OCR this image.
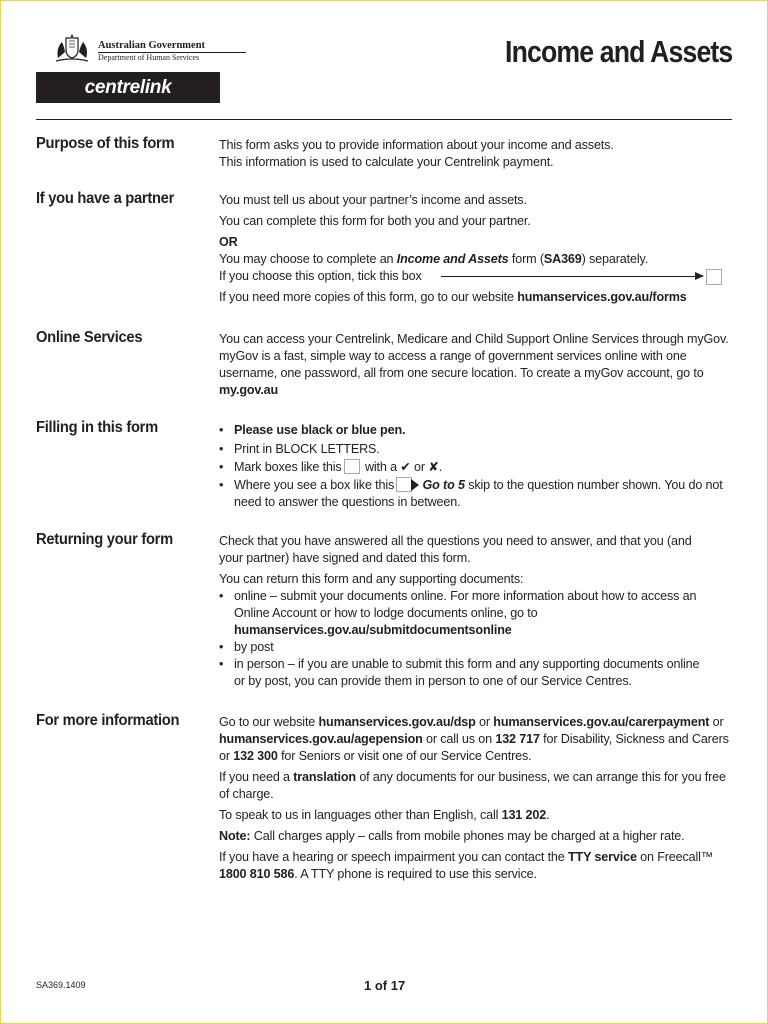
Australian Government
Department of Human Services
centrelink
Income and Assets
Purpose of this form	This form asks you to provide information about your income and assets.
This information is used to calculate your Centrelink payment.
If you have a partner	You must tell us about your partner’s income and assets.

You can complete this form for both you and your partner.

OR
You may choose to complete an Income and Assets form (SA369) separately.
If you choose this option, tick this box

If you need more copies of this form, go to our website humanservices.gov.au/forms

Online Services	You can access your Centrelink, Medicare and Child Support Online Services through myGov. myGov is a fast, simple way to access a range of government services online with one username, one password, all from one secure location. To create a myGov account, go to my.gov.au

Filling in this form	• Please use black or blue pen.
• Print in BLOCK LETTERS.
• Mark boxes like this with a ✔ or ✘.
• Where you see a box like this Go to 5 skip to the question number shown. You do not need to answer the questions in between.
Returning your form	Check that you have answered all the questions you need to answer, and that you (and your partner) have signed and dated this form.

You can return this form and any supporting documents:
• online – submit your documents online. For more information about how to access an Online Account or how to lodge documents online, go to humanservices.gov.au/submitdocumentsonline
• by post
• in person – if you are unable to submit this form and any supporting documents online or by post, you can provide them in person to one of our Service Centres.
For more information	Go to our website humanservices.gov.au/dsp or humanservices.gov.au/carerpayment or humanservices.gov.au/agepension or call us on 132 717 for Disability, Sickness and Carers or 132 300 for Seniors or visit one of our Service Centres.

If you need a translation of any documents for our business, we can arrange this for you free of charge.

To speak to us in languages other than English, call 131 202.

Note: Call charges apply – calls from mobile phones may be charged at a higher rate.

If you have a hearing or speech impairment you can contact the TTY service on Freecall™ 1800 810 586. A TTY phone is required to use this service.

SA369.1409	1 of 17
